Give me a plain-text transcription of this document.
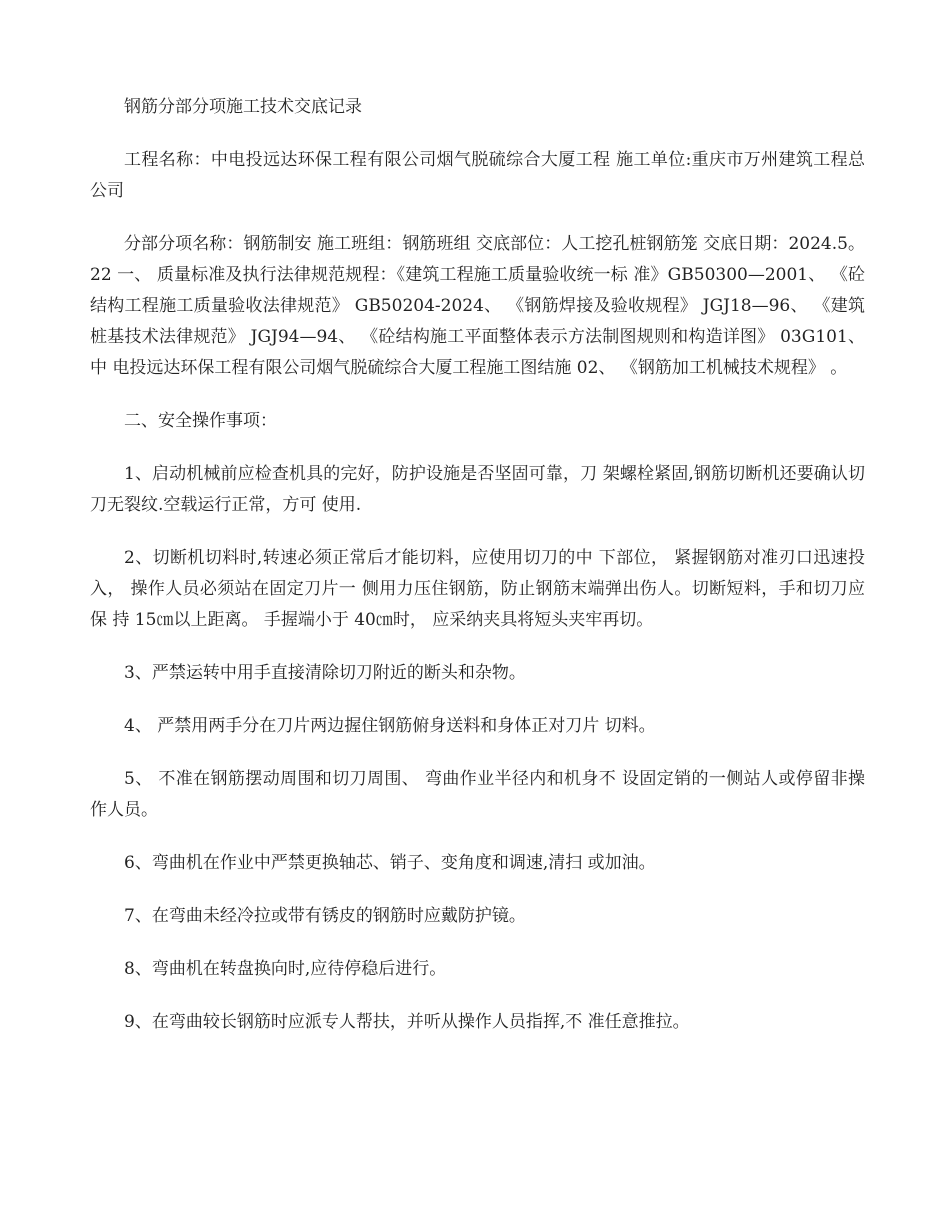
钢筋分部分项施工技术交底记录

工程名称：中电投远达环保工程有限公司烟气脱硫综合大厦工程 施工单位:重庆市万州建筑工程总公司

分部分项名称：钢筋制安 施工班组：钢筋班组 交底部位：人工挖孔桩钢筋笼 交底日期：2024.5。22 一、 质量标准及执行法律规范规程：《建筑工程施工质量验收统一标 准》GB50300—2001、 《砼结构工程施工质量验收法律规范》 GB50204-2024、 《钢筋焊接及验收规程》 JGJ18—96、 《建筑桩基技术法律规范》 JGJ94—94、 《砼结构施工平面整体表示方法制图规则和构造详图》 03G101、中 电投远达环保工程有限公司烟气脱硫综合大厦工程施工图结施 02、 《钢筋加工机械技术规程》 。

二、安全操作事项：

1、启动机械前应检查机具的完好，防护设施是否坚固可靠，刀 架螺栓紧固,钢筋切断机还要确认切刀无裂纹.空载运行正常，方可 使用.

2、切断机切料时,转速必须正常后才能切料，应使用切刀的中 下部位， 紧握钢筋对准刃口迅速投入， 操作人员必须站在固定刀片一 侧用力压住钢筋，防止钢筋末端弹出伤人。切断短料，手和切刀应保 持 15㎝以上距离。 手握端小于 40㎝时， 应采纳夹具将短头夹牢再切。

3、严禁运转中用手直接清除切刀附近的断头和杂物。

4、 严禁用两手分在刀片两边握住钢筋俯身送料和身体正对刀片 切料。

5、 不准在钢筋摆动周围和切刀周围、 弯曲作业半径内和机身不 设固定销的一侧站人或停留非操作人员。

6、弯曲机在作业中严禁更换轴芯、销子、变角度和调速,清扫 或加油。

7、在弯曲未经冷拉或带有锈皮的钢筋时应戴防护镜。

8、弯曲机在转盘换向时,应待停稳后进行。

9、在弯曲较长钢筋时应派专人帮扶，并听从操作人员指挥,不 准任意推拉。
